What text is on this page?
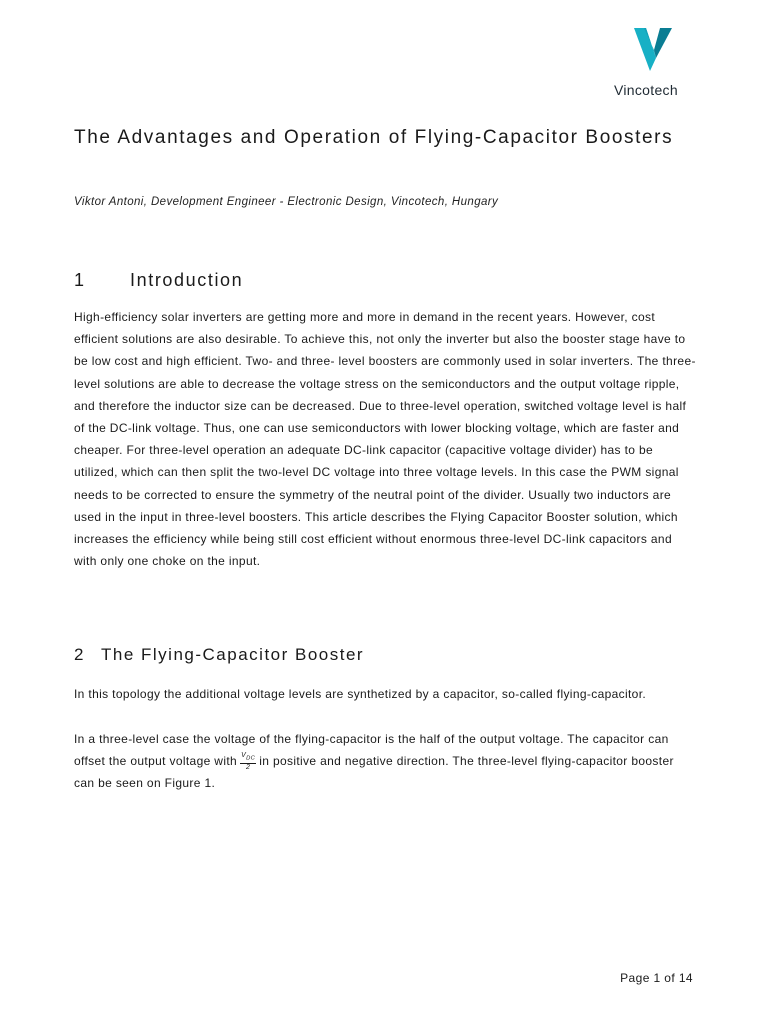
Vincotech
The Advantages and Operation of Flying-Capacitor Boosters

Viktor Antoni, Development Engineer - Electronic Design, Vincotech, Hungary

1 Introduction

High-efficiency solar inverters are getting more and more in demand in the recent years. However, cost efficient solutions are also desirable. To achieve this, not only the inverter but also the booster stage have to be low cost and high efficient. Two- and three- level boosters are commonly used in solar inverters. The three-level solutions are able to decrease the voltage stress on the semiconductors and the output voltage ripple, and therefore the inductor size can be decreased. Due to three-level operation, switched voltage level is half of the DC-link voltage. Thus, one can use semiconductors with lower blocking voltage, which are faster and cheaper. For three-level operation an adequate DC-link capacitor (capacitive voltage divider) has to be utilized, which can then split the two-level DC voltage into three voltage levels. In this case the PWM signal needs to be corrected to ensure the symmetry of the neutral point of the divider. Usually two inductors are used in the input in three-level boosters. This article describes the Flying Capacitor Booster solution, which increases the efficiency while being still cost efficient without enormous three-level DC-link capacitors and with only one choke on the input.

2 The Flying-Capacitor Booster

In this topology the additional voltage levels are synthetized by a capacitor, so-called flying-capacitor.

In a three-level case the voltage of the flying-capacitor is the half of the output voltage. The capacitor can offset the output voltage with $\frac{V_{DC}}{2}$ in positive and negative direction. The three-level flying-capacitor booster can be seen on Figure 1.

Page 1 of 14
